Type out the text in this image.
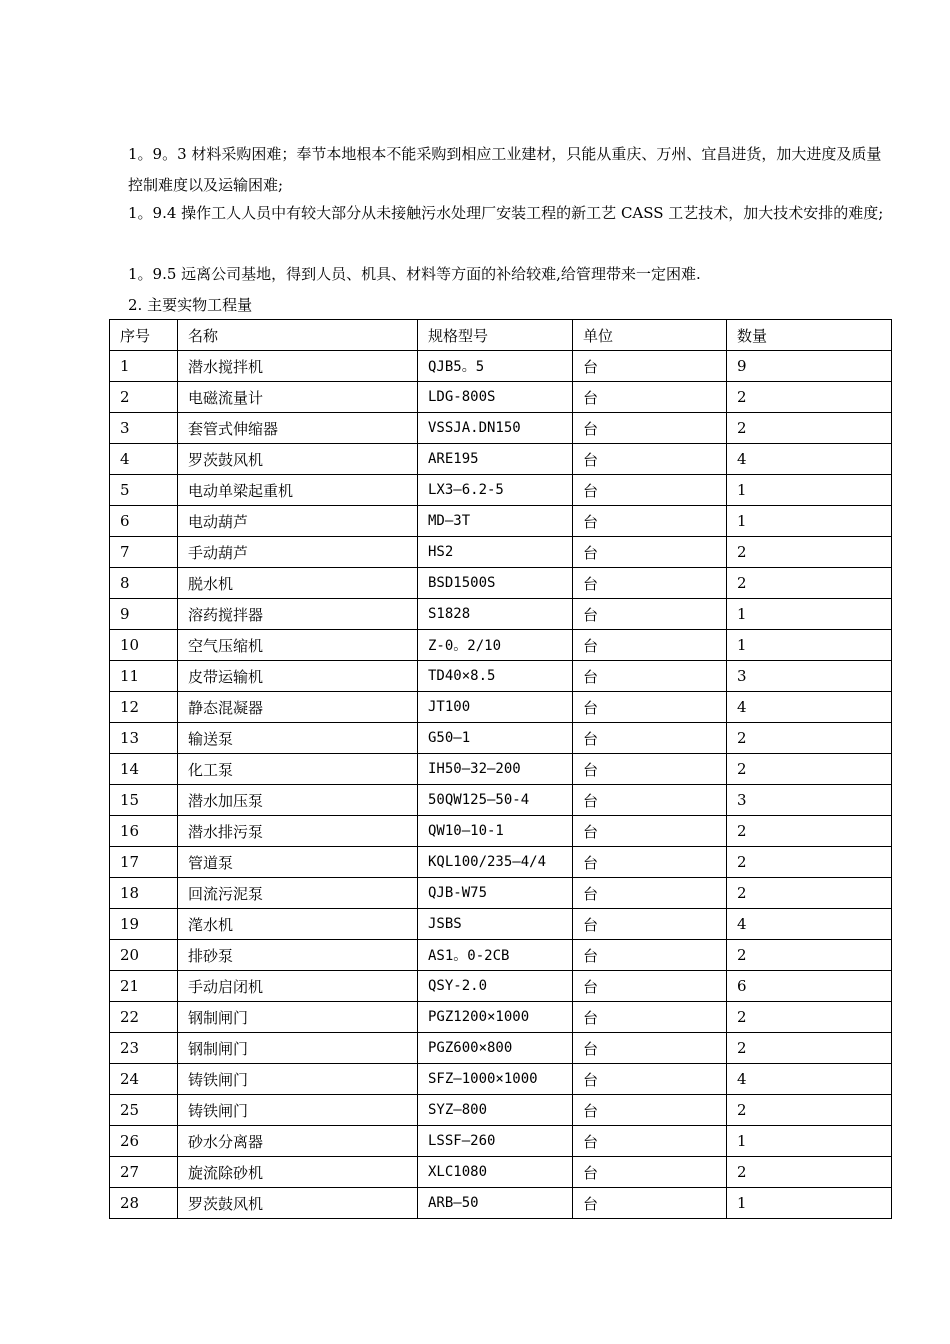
1。9。3 材料采购困难；奉节本地根本不能采购到相应工业建材，只能从重庆、万州、宜昌进货，加大进度及质量控制难度以及运输困难;

1。9.4 操作工人人员中有较大部分从未接触污水处理厂安装工程的新工艺 CASS 工艺技术，加大技术安排的难度;

1。9.5 远离公司基地，得到人员、机具、材料等方面的补给较难,给管理带来一定困难.

2. 主要实物工程量

序号	名称	规格型号	单位	数量
1	潜水搅拌机	QJB5。5	台	9
2	电磁流量计	LDG-800S	台	2
3	套管式伸缩器	VSSJA.DN150	台	2
4	罗茨鼓风机	ARE195	台	4
5	电动单梁起重机	LX3—6.2-5	台	1
6	电动葫芦	MD—3T	台	1
7	手动葫芦	HS2	台	2
8	脱水机	BSD1500S	台	2
9	溶药搅拌器	S1828	台	1
10	空气压缩机	Z-0。2/10	台	1
11	皮带运输机	TD40×8.5	台	3
12	静态混凝器	JT100	台	4
13	输送泵	G50—1	台	2
14	化工泵	IH50—32—200	台	2
15	潜水加压泵	50QW125—50-4	台	3
16	潜水排污泵	QW10—10-1	台	2
17	管道泵	KQL100/235—4/4	台	2
18	回流污泥泵	QJB-W75	台	2
19	滗水机	JSBS	台	4
20	排砂泵	AS1。0-2CB	台	2
21	手动启闭机	QSY-2.0	台	6
22	钢制闸门	PGZ1200×1000	台	2
23	钢制闸门	PGZ600×800	台	2
24	铸铁闸门	SFZ—1000×1000	台	4
25	铸铁闸门	SYZ—800	台	2
26	砂水分离器	LSSF—260	台	1
27	旋流除砂机	XLC1080	台	2
28	罗茨鼓风机	ARB—50	台	1
